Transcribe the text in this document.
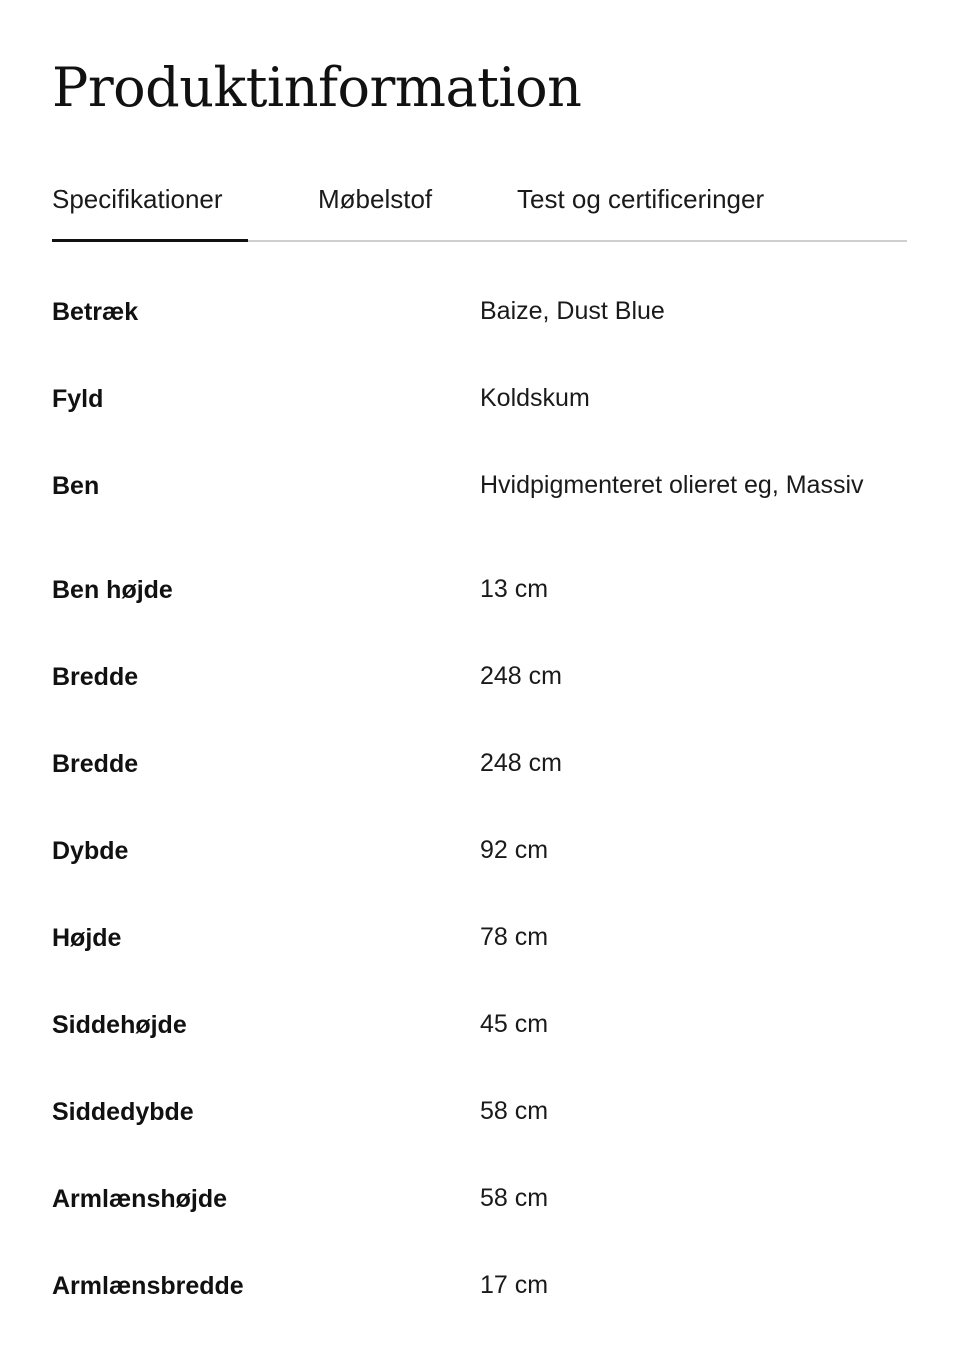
Produktinformation
Specifikationer	Møbelstof	Test og certificeringer
Betræk	Baize, Dust Blue
Fyld	Koldskum
Ben	Hvidpigmenteret olieret eg, Massiv
Ben højde	13 cm
Bredde	248 cm
Bredde	248 cm
Dybde	92 cm
Højde	78 cm
Siddehøjde	45 cm
Siddedybde	58 cm
Armlænshøjde	58 cm
Armlænsbredde	17 cm
